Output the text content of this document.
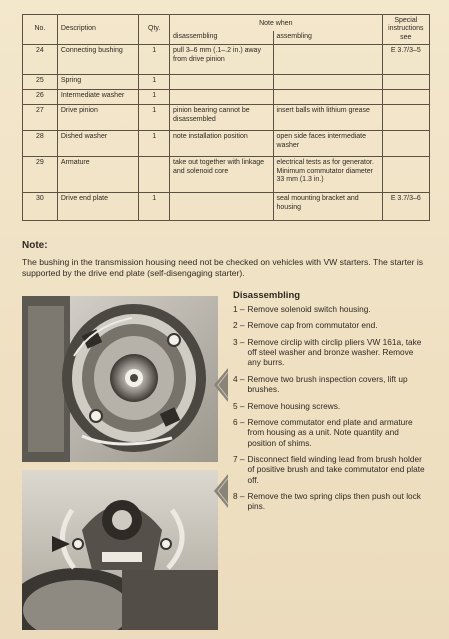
No.	Description	Qty.	Note when		Special instructions see
			disassembling	assembling	
24	Connecting bushing	1	pull 3–6 mm (.1–.2 in.) away from drive pinion		E 3.7/3–5
25	Spring	1			
26	Intermediate washer	1			
27	Drive pinion	1	pinion bearing cannot be disassembled	insert balls with lithium grease	
28	Dished washer	1	note installation position	open side faces intermediate washer	
29	Armature		take out together with linkage and solenoid core	electrical tests as for generator. Minimum commutator diameter 33 mm (1.3 in.)	
30	Drive end plate	1		seal mounting bracket and housing	E 3.7/3–6
Note:
The bushing in the transmission housing need not be checked on vehicles with VW starters. The starter is supported by the drive end plate (self-disengaging starter).
Disassembling
1 – Remove solenoid switch housing.
2 – Remove cap from commutator end.
3 – Remove circlip with circlip pliers VW 161a, take off steel washer and bronze washer. Remove any burrs.
4 – Remove two brush inspection covers, lift up brushes.
5 – Remove housing screws.
6 – Remove commutator end plate and armature from housing as a unit. Note quantity and position of shims.
7 – Disconnect field winding lead from brush holder of positive brush and take commutator end plate off.
8 – Remove the two spring clips then push out lock pins.
